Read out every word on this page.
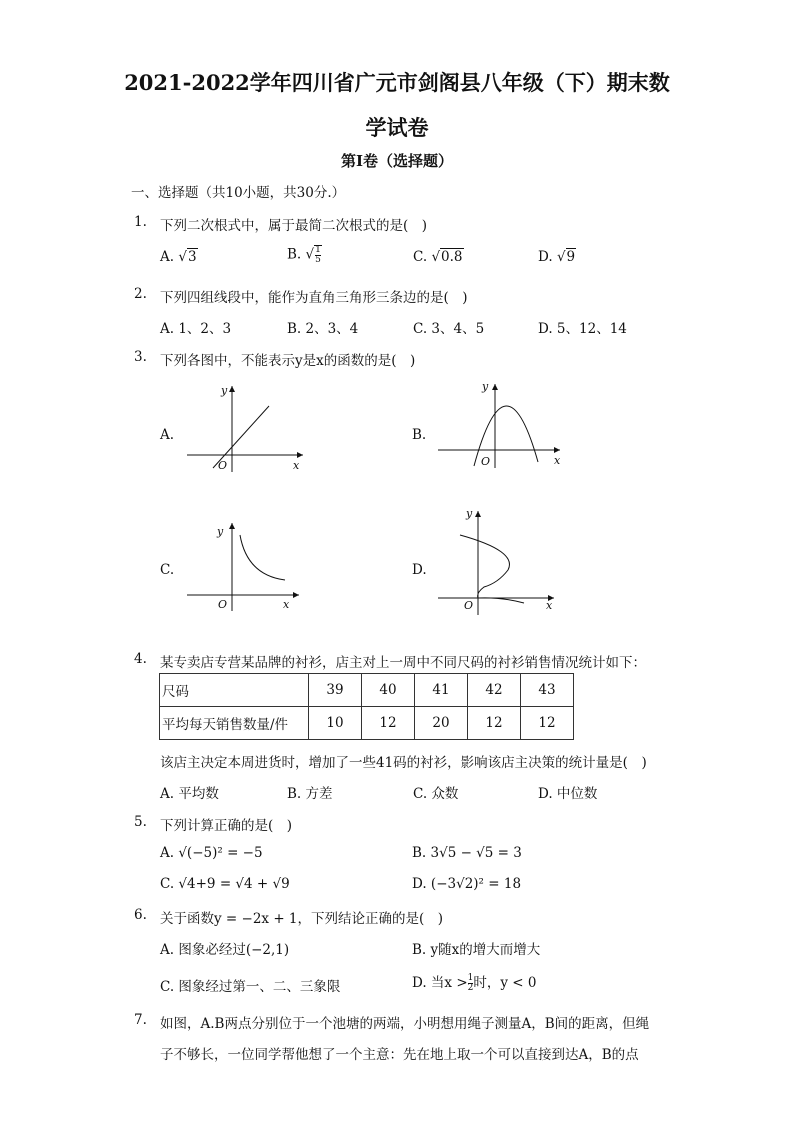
2021-2022学年四川省广元市剑阁县八年级（下）期末数
学试卷
第I卷（选择题）
一、选择题（共10小题，共30分.）
1. 下列二次根式中，属于最简二次根式的是(　)
A. √3	B. √ $\frac{1}{5}$	C. √0.8	D. √9
2. 下列四组线段中，能作为直角三角形三条边的是(　)
A. 1、2、3	B. 2、3、4	C. 3、4、5	D. 5、12、14
3. 下列各图中，不能表示y是x的函数的是(　)
A.
y
x
O
B.
y
x
O
C.
y
x
O
D.
y
x
O
4. 某专卖店专营某品牌的衬衫，店主对上一周中不同尺码的衬衫销售情况统计如下：
尺码	39	40	41	42	43
平均每天销售数量/件	10	12	20	12	12
该店主决定本周进货时，增加了一些41码的衬衫，影响该店主决策的统计量是(　)
A. 平均数	B. 方差	C. 众数	D. 中位数
5. 下列计算正确的是(　)
A. √(−5)² = −5	B. 3√5 − √5 = 3
C. √4+9 = √4 + √9	D. (−3√2)² = 18
6. 关于函数y = −2x + 1，下列结论正确的是(　)
A. 图象必经过(−2,1)	B. y随x的增大而增大
C. 图象经过第一、二、三象限	D. 当$x > \frac{1}{2}$ 时，y < 0
7. 如图，A.B两点分别位于一个池塘的两端，小明想用绳子测量A，B间的距离，但绳
子不够长，一位同学帮他想了一个主意：先在地上取一个可以直接到达A，B的点
